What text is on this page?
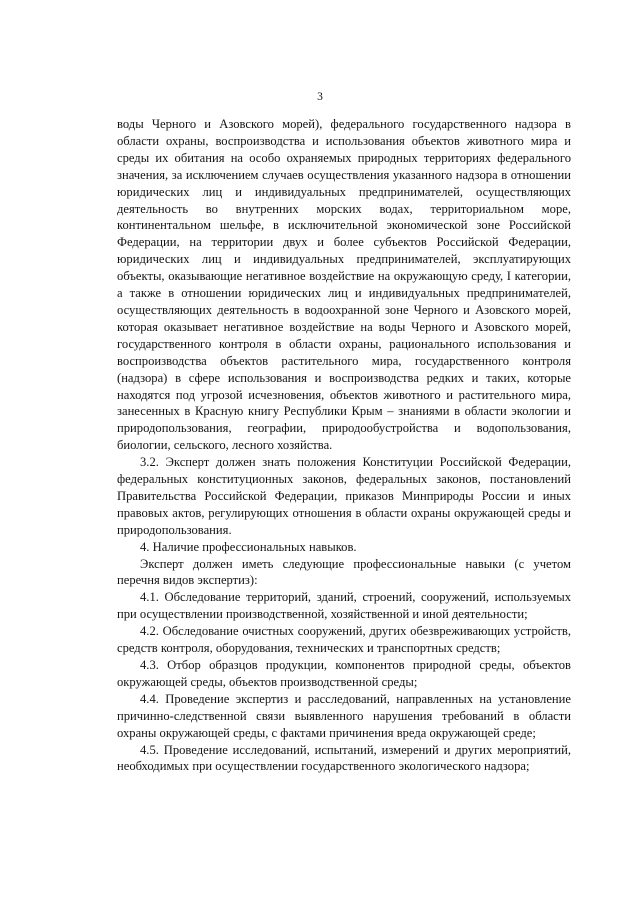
3

воды Черного и Азовского морей), федерального государственного надзора в области охраны, воспроизводства и использования объектов животного мира и среды их обитания на особо охраняемых природных территориях федерального значения, за исключением случаев осуществления указанного надзора в отношении юридических лиц и индивидуальных предпринимателей, осуществляющих деятельность во внутренних морских водах, территориальном море, континентальном шельфе, в исключительной экономической зоне Российской Федерации, на территории двух и более субъектов Российской Федерации, юридических лиц и индивидуальных предпринимателей, эксплуатирующих объекты, оказывающие негативное воздействие на окружающую среду, I категории, а также в отношении юридических лиц и индивидуальных предпринимателей, осуществляющих деятельность в водоохранной зоне Черного и Азовского морей, которая оказывает негативное воздействие на воды Черного и Азовского морей, государственного контроля в области охраны, рационального использования и воспроизводства объектов растительного мира, государственного контроля (надзора) в сфере использования и воспроизводства редких и таких, которые находятся под угрозой исчезновения, объектов животного и растительного мира, занесенных в Красную книгу Республики Крым – знаниями в области экологии и природопользования, географии, природообустройства и водопользования, биологии, сельского, лесного хозяйства.

3.2. Эксперт должен знать положения Конституции Российской Федерации, федеральных конституционных законов, федеральных законов, постановлений Правительства Российской Федерации, приказов Минприроды России и иных правовых актов, регулирующих отношения в области охраны окружающей среды и природопользования.

4. Наличие профессиональных навыков.

Эксперт должен иметь следующие профессиональные навыки (с учетом перечня видов экспертиз):

4.1. Обследование территорий, зданий, строений, сооружений, используемых при осуществлении производственной, хозяйственной и иной деятельности;

4.2. Обследование очистных сооружений, других обезвреживающих устройств, средств контроля, оборудования, технических и транспортных средств;

4.3. Отбор образцов продукции, компонентов природной среды, объектов окружающей среды, объектов производственной среды;

4.4. Проведение экспертиз и расследований, направленных на установление причинно-следственной связи выявленного нарушения требований в области охраны окружающей среды, с фактами причинения вреда окружающей среде;

4.5. Проведение исследований, испытаний, измерений и других мероприятий, необходимых при осуществлении государственного экологического надзора;
